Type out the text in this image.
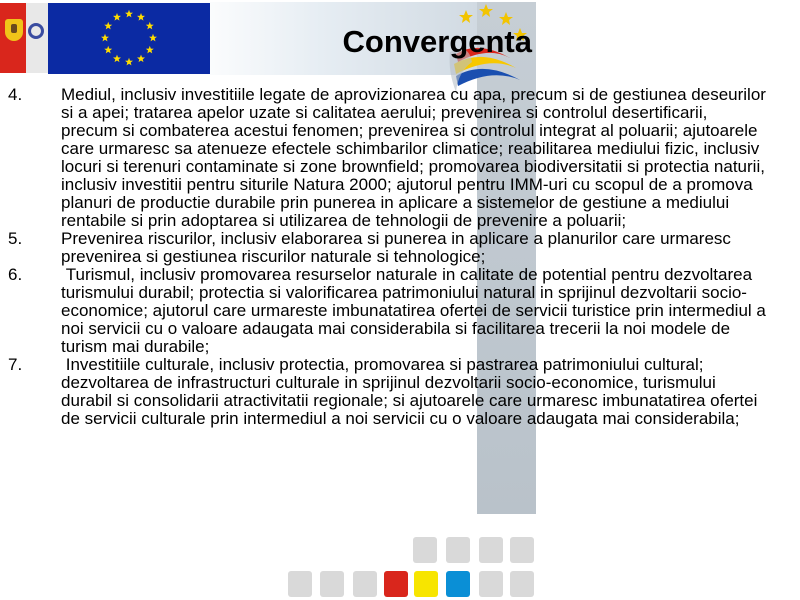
Convergenta
4.	Mediul, inclusiv investitiile legate de aprovizionarea cu apa, precum si de gestiunea deseurilor si a apei; tratarea apelor uzate si calitatea aerului; prevenirea si controlul desertificarii, precum si combaterea acestui fenomen; prevenirea si controlul integrat al poluarii; ajutoarele care urmaresc sa atenueze efectele schimbarilor climatice; reabilitarea mediului fizic, inclusiv locuri si terenuri contaminate si zone brownfield; promovarea biodiversitatii si protectia naturii, inclusiv investitii pentru siturile Natura 2000; ajutorul pentru IMM-uri cu scopul de a promova planuri de productie durabile prin punerea in aplicare a sistemelor de gestiune a mediului rentabile si prin adoptarea si utilizarea de tehnologii de prevenire a poluarii;
5.	Prevenirea riscurilor, inclusiv elaborarea si punerea in aplicare a planurilor care urmaresc prevenirea si gestiunea riscurilor naturale si tehnologice;
6.	Turismul, inclusiv promovarea resurselor naturale in calitate de potential pentru dezvoltarea turismului durabil; protectia si valorificarea patrimoniului natural in sprijinul dezvoltarii socio-economice; ajutorul care urmareste imbunatatirea ofertei de servicii turistice prin intermediul a noi servicii cu o valoare adaugata mai considerabila si facilitarea trecerii la noi modele de turism mai durabile;
7.	Investitiile culturale, inclusiv protectia, promovarea si pastrarea patrimoniului cultural; dezvoltarea de infrastructuri culturale in sprijinul dezvoltarii socio-economice, turismului durabil si consolidarii atractivitatii regionale; si ajutoarele care urmaresc imbunatatirea ofertei de servicii culturale prin intermediul a noi servicii cu o valoare adaugata mai considerabila;
